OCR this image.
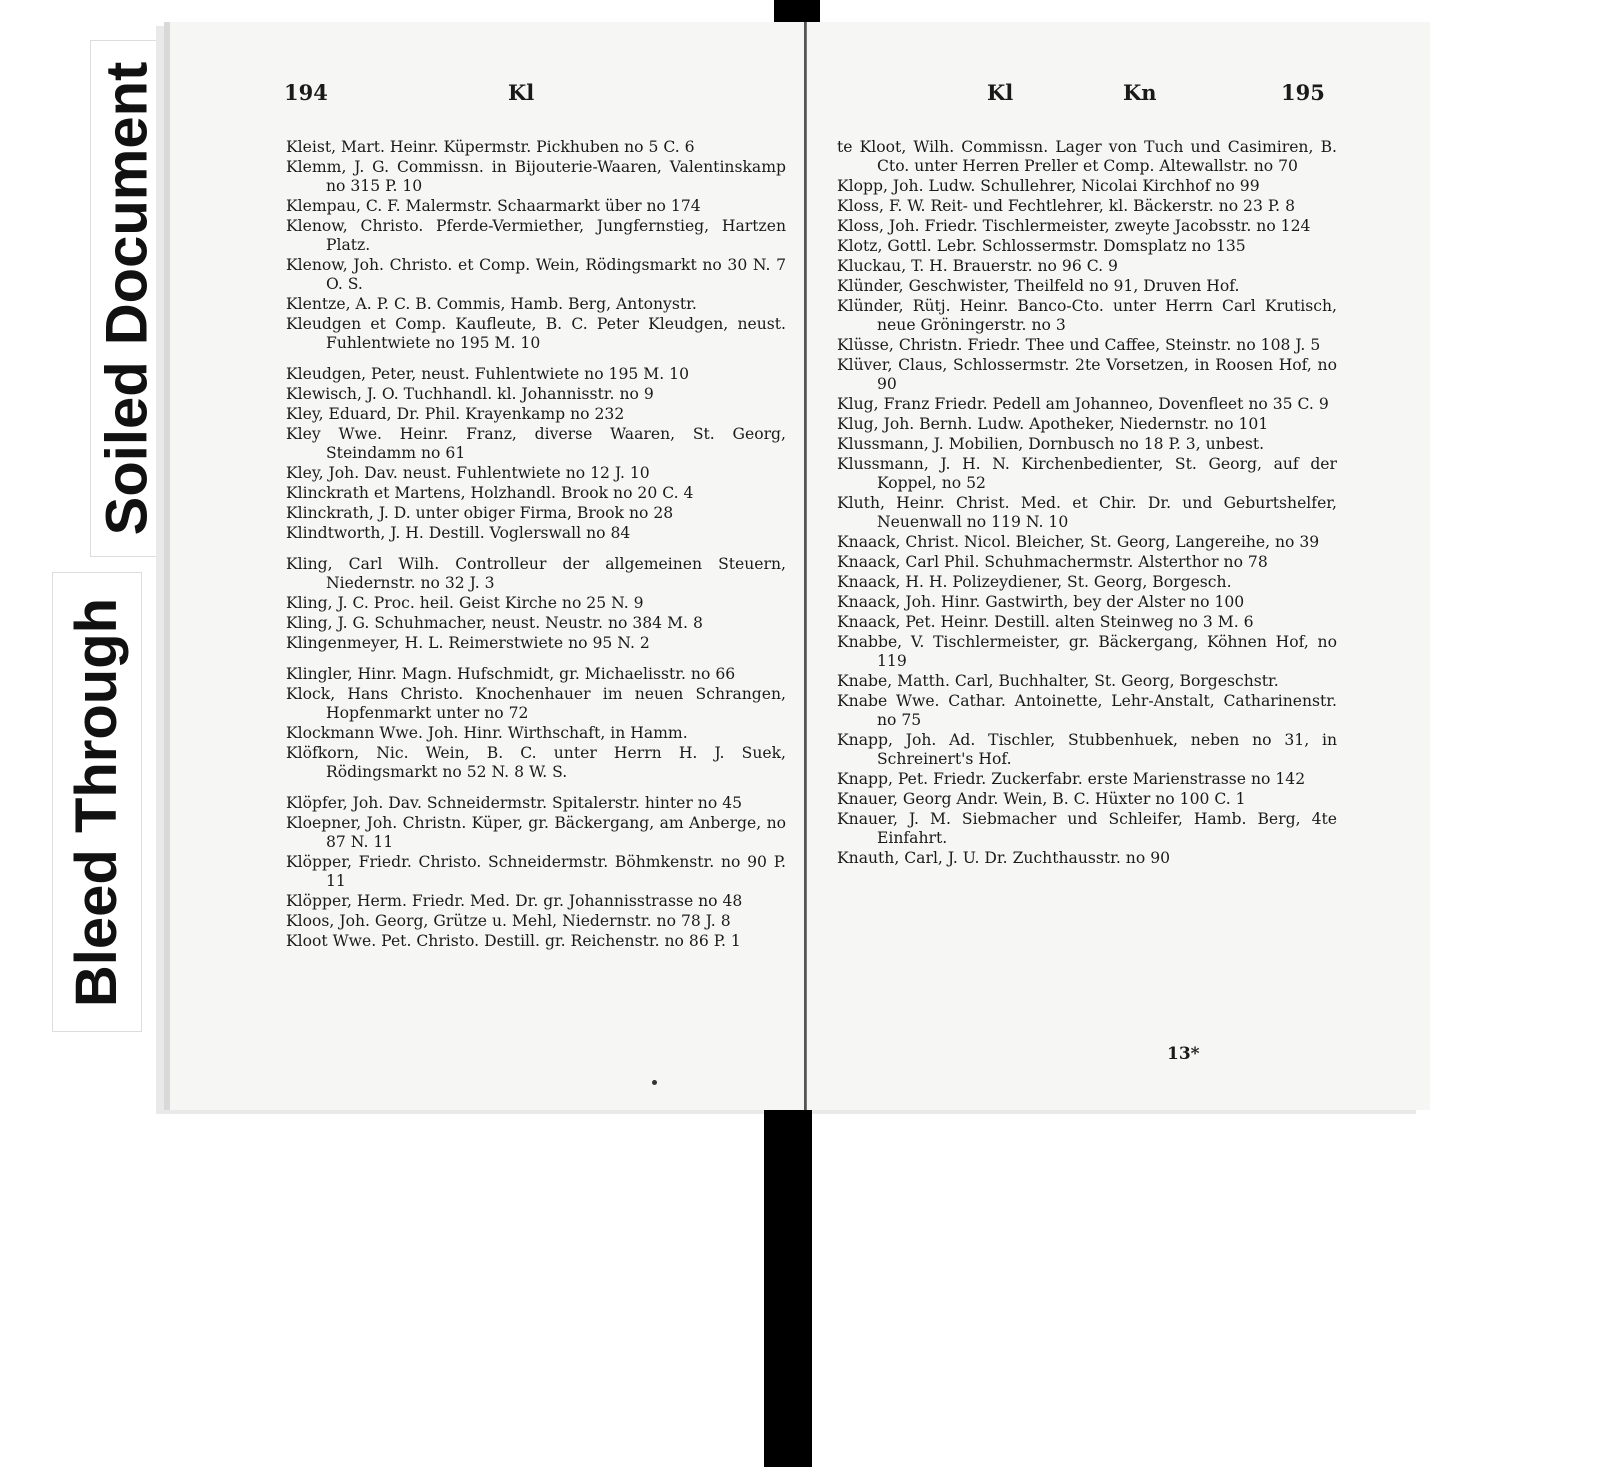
Soiled Document
Bleed Through
194	Kl
Kleist, Mart. Heinr. Küpermstr. Pickhuben no 5 C. 6
Klemm, J. G. Commissn. in Bijouterie-Waaren, Valentinskamp no 315 P. 10
Klempau, C. F. Malermstr. Schaarmarkt über no 174
Klenow, Christo. Pferde-Vermiether, Jungfernstieg, Hartzen Platz.
Klenow, Joh. Christo. et Comp. Wein, Rödingsmarkt no 30 N. 7 O. S.
Klentze, A. P. C. B. Commis, Hamb. Berg, Antonystr.
Kleudgen et Comp. Kaufleute, B. C. Peter Kleudgen, neust. Fuhlentwiete no 195 M. 10
Kleudgen, Peter, neust. Fuhlentwiete no 195 M. 10
Klewisch, J. O. Tuchhandl. kl. Johannisstr. no 9
Kley, Eduard, Dr. Phil. Krayenkamp no 232
Kley Wwe. Heinr. Franz, diverse Waaren, St. Georg, Steindamm no 61
Kley, Joh. Dav. neust. Fuhlentwiete no 12 J. 10
Klinckrath et Martens, Holzhandl. Brook no 20 C. 4
Klinckrath, J. D. unter obiger Firma, Brook no 28
Klindtworth, J. H. Destill. Voglerswall no 84
Kling, Carl Wilh. Controlleur der allgemeinen Steuern, Niedernstr. no 32 J. 3
Kling, J. C. Proc. heil. Geist Kirche no 25 N. 9
Kling, J. G. Schuhmacher, neust. Neustr. no 384 M. 8
Klingenmeyer, H. L. Reimerstwiete no 95 N. 2
Klingler, Hinr. Magn. Hufschmidt, gr. Michaelisstr. no 66
Klock, Hans Christo. Knochenhauer im neuen Schrangen, Hopfenmarkt unter no 72
Klockmann Wwe. Joh. Hinr. Wirthschaft, in Hamm.
Klöfkorn, Nic. Wein, B. C. unter Herrn H. J. Suek, Rödingsmarkt no 52 N. 8 W. S.
Klöpfer, Joh. Dav. Schneidermstr. Spitalerstr. hinter no 45
Kloepner, Joh. Christn. Küper, gr. Bäckergang, am Anberge, no 87 N. 11
Klöpper, Friedr. Christo. Schneidermstr. Böhmkenstr. no 90 P. 11
Klöpper, Herm. Friedr. Med. Dr. gr. Johannisstrasse no 48
Kloos, Joh. Georg, Grütze u. Mehl, Niedernstr. no 78 J. 8
Kloot Wwe. Pet. Christo. Destill. gr. Reichenstr. no 86 P. 1
Kl	Kn	195
te Kloot, Wilh. Commissn. Lager von Tuch und Casimiren, B. Cto. unter Herren Preller et Comp. Altewallstr. no 70
Klopp, Joh. Ludw. Schullehrer, Nicolai Kirchhof no 99
Kloss, F. W. Reit- und Fechtlehrer, kl. Bäckerstr. no 23 P. 8
Kloss, Joh. Friedr. Tischlermeister, zweyte Jacobsstr. no 124
Klotz, Gottl. Lebr. Schlossermstr. Domsplatz no 135
Kluckau, T. H. Brauerstr. no 96 C. 9
Klünder, Geschwister, Theilfeld no 91, Druven Hof.
Klünder, Rütj. Heinr. Banco-Cto. unter Herrn Carl Krutisch, neue Gröningerstr. no 3
Klüsse, Christn. Friedr. Thee und Caffee, Steinstr. no 108 J. 5
Klüver, Claus, Schlossermstr. 2te Vorsetzen, in Roosen Hof, no 90
Klug, Franz Friedr. Pedell am Johanneo, Dovenfleet no 35 C. 9
Klug, Joh. Bernh. Ludw. Apotheker, Niedernstr. no 101
Klussmann, J. Mobilien, Dornbusch no 18 P. 3, unbest.
Klussmann, J. H. N. Kirchenbedienter, St. Georg, auf der Koppel, no 52
Kluth, Heinr. Christ. Med. et Chir. Dr. und Geburtshelfer, Neuenwall no 119 N. 10
Knaack, Christ. Nicol. Bleicher, St. Georg, Langereihe, no 39
Knaack, Carl Phil. Schuhmachermstr. Alsterthor no 78
Knaack, H. H. Polizeydiener, St. Georg, Borgesch.
Knaack, Joh. Hinr. Gastwirth, bey der Alster no 100
Knaack, Pet. Heinr. Destill. alten Steinweg no 3 M. 6
Knabbe, V. Tischlermeister, gr. Bäckergang, Köhnen Hof, no 119
Knabe, Matth. Carl, Buchhalter, St. Georg, Borgeschstr.
Knabe Wwe. Cathar. Antoinette, Lehr-Anstalt, Catharinenstr. no 75
Knapp, Joh. Ad. Tischler, Stubbenhuek, neben no 31, in Schreinert's Hof.
Knapp, Pet. Friedr. Zuckerfabr. erste Marienstrasse no 142
Knauer, Georg Andr. Wein, B. C. Hüxter no 100 C. 1
Knauer, J. M. Siebmacher und Schleifer, Hamb. Berg, 4te Einfahrt.
Knauth, Carl, J. U. Dr. Zuchthausstr. no 90
13*
